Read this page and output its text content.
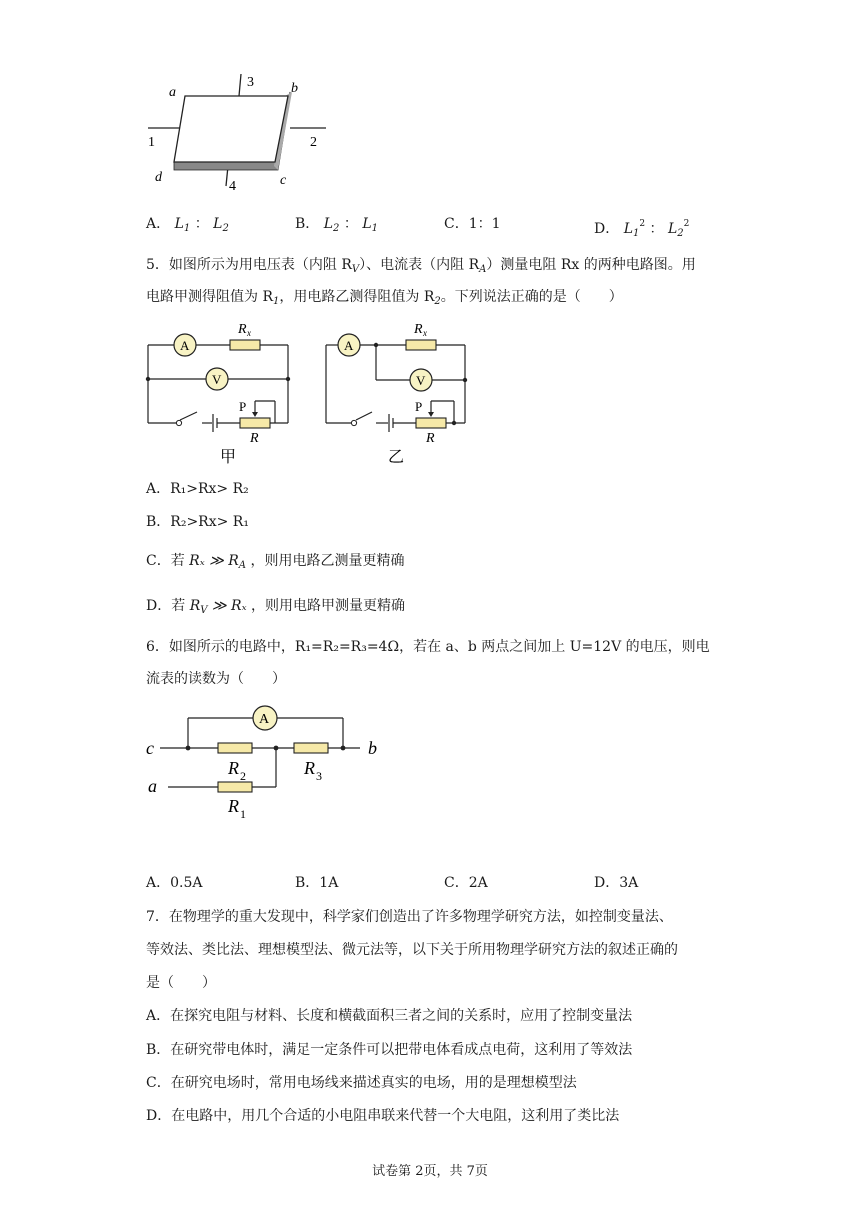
a	b
c
d
1	2
3
4
A． $L_1$ ： $L_2$	B． $L_2$ ： $L_1$	C．1：1	D． $L_1^2$ ： $L_2^2$
5．如图所示为用电压表（内阻 $R_V$）、电流表（内阻 $R_A$）测量电阻 Rx 的两种电路图。用
电路甲测得阻值为 $R_1$，用电路乙测得阻值为 $R_2$。下列说法正确的是（　　）
A
R x
V
P
R
甲
A
R x
V
P
R
乙
A．R₁>Rx> R₂
B．R₂>Rx> R₁
C．若 Rₓ ≫ $R_A$ ，则用电路乙测量更精确
D．若 $R_V$ ≫ Rₓ ，则用电路甲测量更精确
6．如图所示的电路中，R₁=R₂=R₃=4Ω，若在 a、b 两点之间加上 U=12V 的电压，则电
流表的读数为（　　）
A
c
a
b
R 2	R 3
R 1
A．0.5A	B．1A	C．2A	D．3A
7．在物理学的重大发现中，科学家们创造出了许多物理学研究方法，如控制变量法、
等效法、类比法、理想模型法、微元法等，以下关于所用物理学研究方法的叙述正确的
是（　　）
A．在探究电阻与材料、长度和横截面积三者之间的关系时，应用了控制变量法
B．在研究带电体时，满足一定条件可以把带电体看成点电荷，这利用了等效法
C．在研究电场时，常用电场线来描述真实的电场，用的是理想模型法
D．在电路中，用几个合适的小电阻串联来代替一个大电阻，这利用了类比法
试卷第 2页，共 7页
